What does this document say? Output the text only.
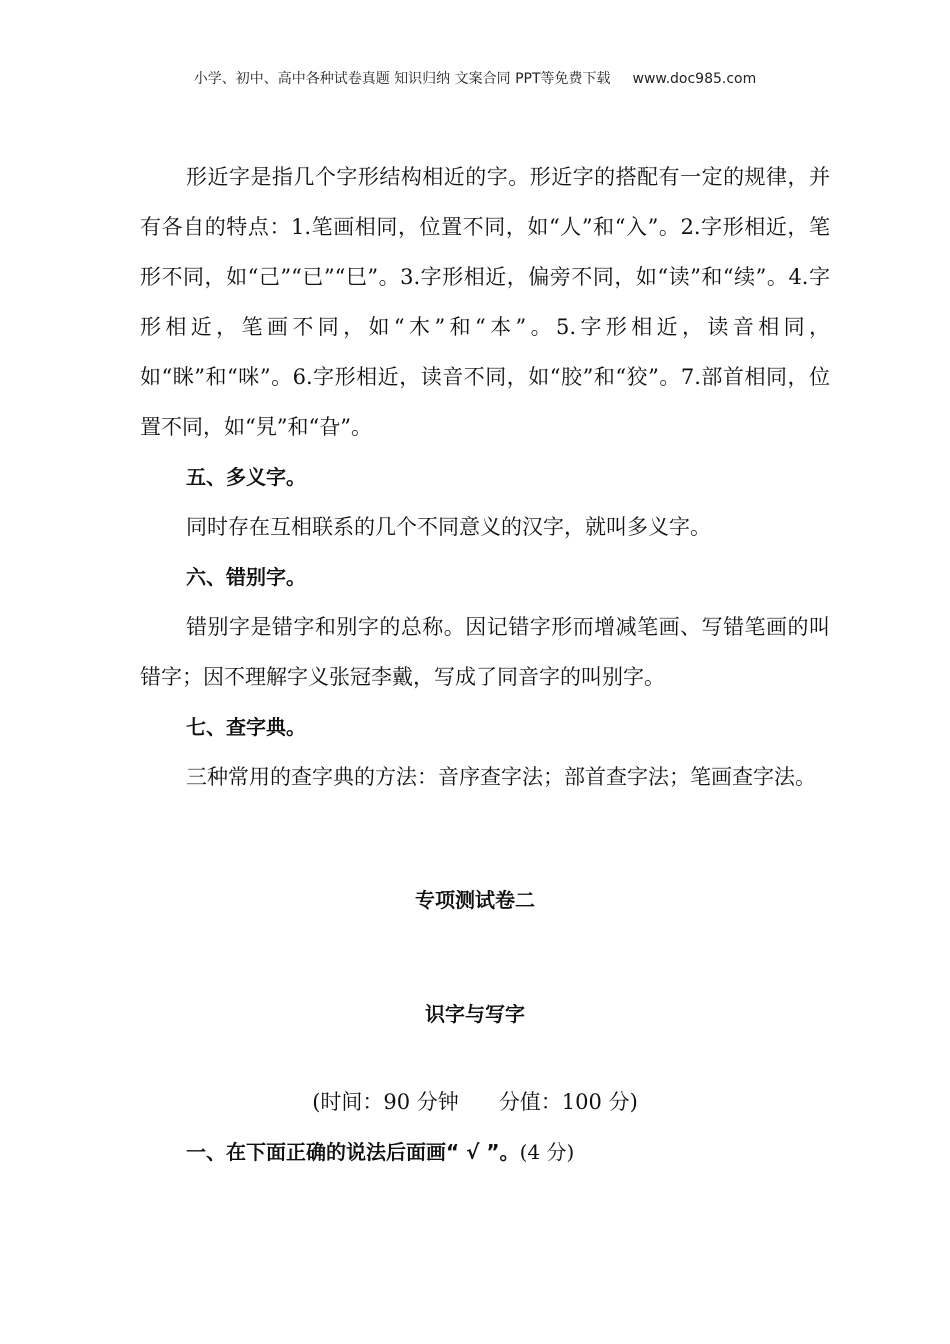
小学、初中、高中各种试卷真题 知识归纳 文案合同 PPT等免费下载 www.doc985.com

形近字是指几个字形结构相近的字。形近字的搭配有一定的规律，并有各自的特点：1.笔画相同，位置不同，如“人”和“入”。2.字形相近，笔形不同，如“己”“已”“巳”。3.字形相近，偏旁不同，如“读”和“续”。4.字形相近，笔画不同，如“木”和“本”。5.字形相近，读音相同，如“眯”和“咪”。6.字形相近，读音不同，如“胶”和“狡”。7.部首相同，位置不同，如“旯”和“旮”。

五、多义字。

同时存在互相联系的几个不同意义的汉字，就叫多义字。

六、错别字。

错别字是错字和别字的总称。因记错字形而增减笔画、写错笔画的叫错字；因不理解字义张冠李戴，写成了同音字的叫别字。

七、查字典。

三种常用的查字典的方法：音序查字法；部首查字法；笔画查字法。

专项测试卷二
识字与写字
(时间：90 分钟 分值：100 分)
一、在下面正确的说法后面画“ √ ”。(4 分)
